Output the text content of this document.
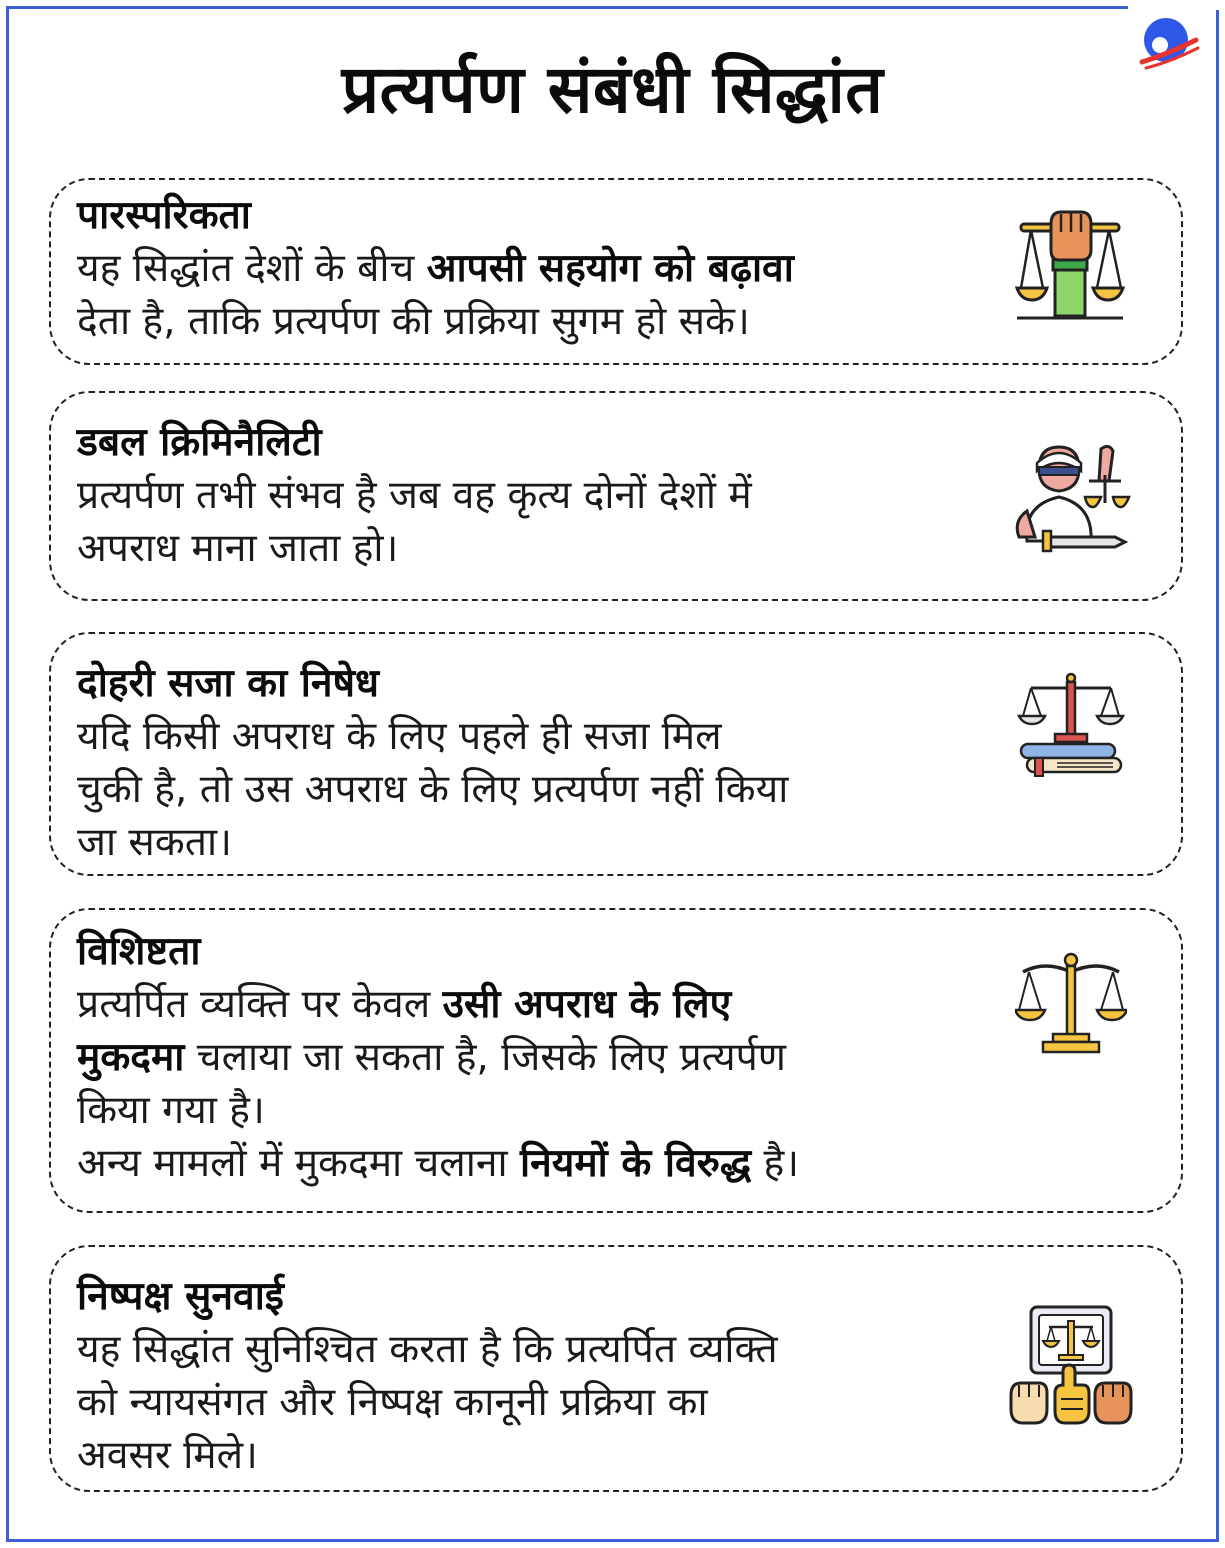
प्रत्यर्पण संबंधी सिद्धांत
पारस्परिकता
यह सिद्धांत देशों के बीच आपसी सहयोग को बढ़ावा
देता है, ताकि प्रत्यर्पण की प्रक्रिया सुगम हो सके।
डबल क्रिमिनैलिटी
प्रत्यर्पण तभी संभव है जब वह कृत्य दोनों देशों में
अपराध माना जाता हो।
दोहरी सजा का निषेध
यदि किसी अपराध के लिए पहले ही सजा मिल
चुकी है, तो उस अपराध के लिए प्रत्यर्पण नहीं किया
जा सकता।
विशिष्टता
प्रत्यर्पित व्यक्ति पर केवल उसी अपराध के लिए
मुकदमा चलाया जा सकता है, जिसके लिए प्रत्यर्पण
किया गया है।
अन्य मामलों में मुकदमा चलाना नियमों के विरुद्ध है।
निष्पक्ष सुनवाई
यह सिद्धांत सुनिश्चित करता है कि प्रत्यर्पित व्यक्ति
को न्यायसंगत और निष्पक्ष कानूनी प्रक्रिया का
अवसर मिले।
